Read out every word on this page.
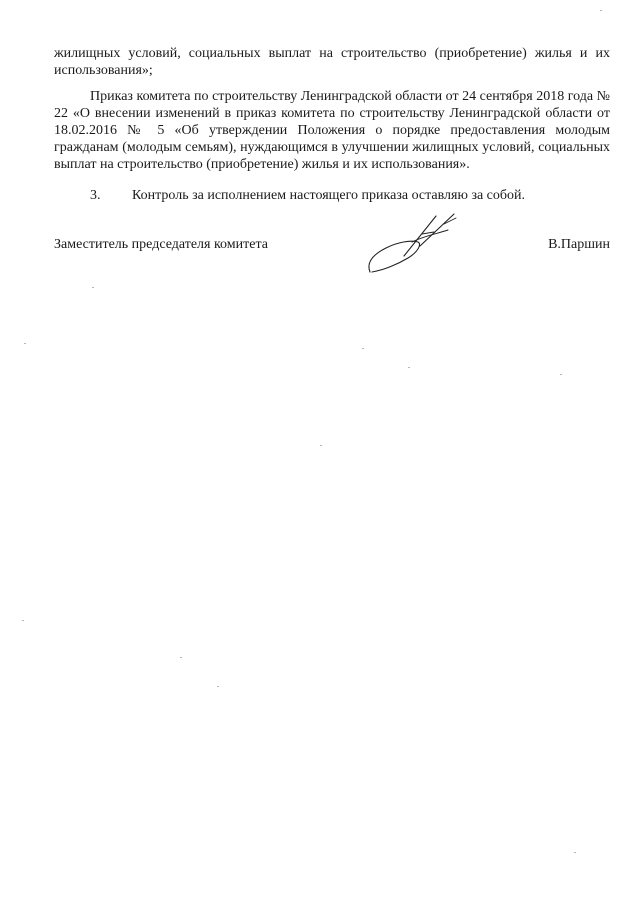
жилищных условий, социальных выплат на строительство (приобретение) жилья и их использования»;
Приказ комитета по строительству Ленинградской области от 24 сентября 2018 года № 22 «О внесении изменений в приказ комитета по строительству Ленинградской области от 18.02.2016 № 5 «Об утверждении Положения о порядке предоставления молодым гражданам (молодым семьям), нуждающимся в улучшении жилищных условий, социальных выплат на строительство (приобретение) жилья и их использования».
3. Контроль за исполнением настоящего приказа оставляю за собой.
Заместитель председателя комитета	В.Паршин
